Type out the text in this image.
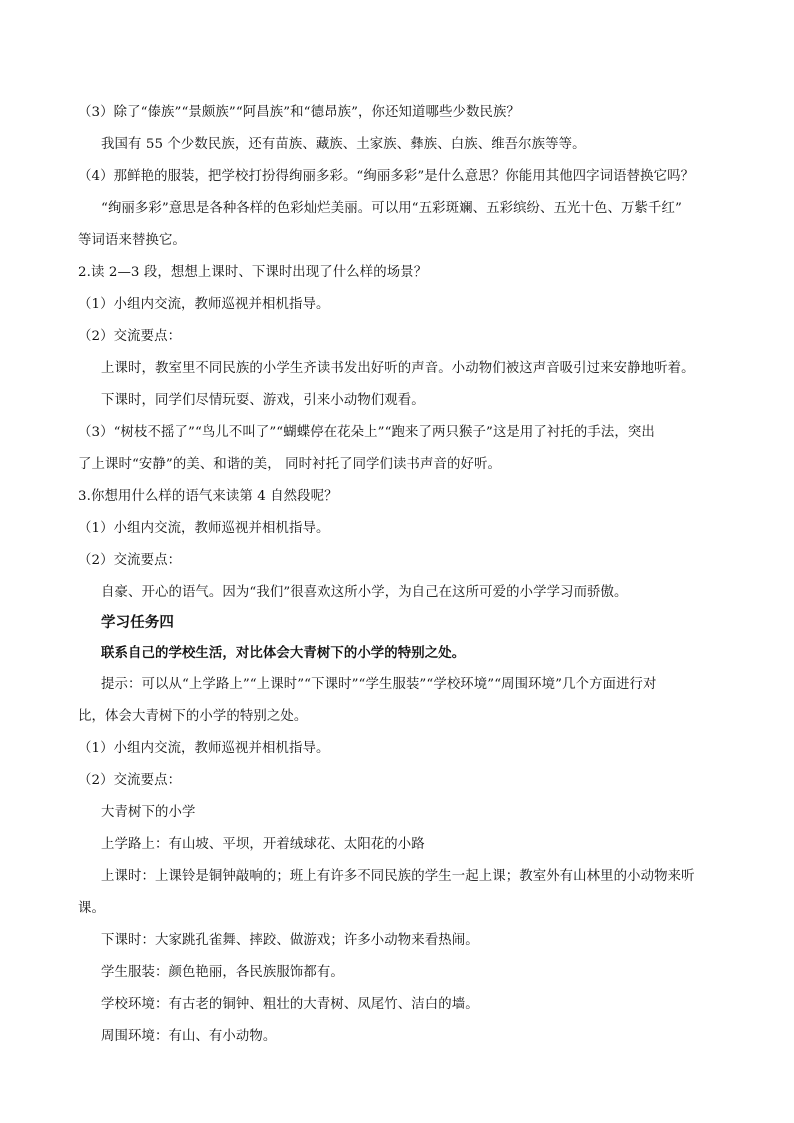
（3）除了“傣族”“景颇族”“阿昌族”和“德昂族”，你还知道哪些少数民族？

我国有 55 个少数民族，还有苗族、藏族、土家族、彝族、白族、维吾尔族等等。

（4）那鲜艳的服装，把学校打扮得绚丽多彩。“绚丽多彩”是什么意思？你能用其他四字词语替换它吗？

“绚丽多彩”意思是各种各样的色彩灿烂美丽。可以用“五彩斑斓、五彩缤纷、五光十色、万紫千红”

等词语来替换它。

2.读 2—3 段，想想上课时、下课时出现了什么样的场景？

（1）小组内交流，教师巡视并相机指导。

（2）交流要点：

上课时，教室里不同民族的小学生齐读书发出好听的声音。小动物们被这声音吸引过来安静地听着。

下课时，同学们尽情玩耍、游戏，引来小动物们观看。

（3）“树枝不摇了”“鸟儿不叫了”“蝴蝶停在花朵上”“跑来了两只猴子”这是用了衬托的手法，突出

了上课时“安静”的美、和谐的美， 同时衬托了同学们读书声音的好听。

3.你想用什么样的语气来读第 4 自然段呢？

（1）小组内交流，教师巡视并相机指导。

（2）交流要点：

自豪、开心的语气。因为“我们”很喜欢这所小学，为自己在这所可爱的小学学习而骄傲。

学习任务四

联系自己的学校生活，对比体会大青树下的小学的特别之处。

提示：可以从“上学路上”“上课时”“下课时”“学生服装”“学校环境”“周围环境”几个方面进行对

比，体会大青树下的小学的特别之处。

（1）小组内交流，教师巡视并相机指导。

（2）交流要点：

大青树下的小学

上学路上：有山坡、平坝，开着绒球花、太阳花的小路

上课时：上课铃是铜钟敲响的；班上有许多不同民族的学生一起上课；教室外有山林里的小动物来听

课。

下课时：大家跳孔雀舞、摔跤、做游戏；许多小动物来看热闹。

学生服装：颜色艳丽，各民族服饰都有。

学校环境：有古老的铜钟、粗壮的大青树、凤尾竹、洁白的墙。

周围环境：有山、有小动物。
